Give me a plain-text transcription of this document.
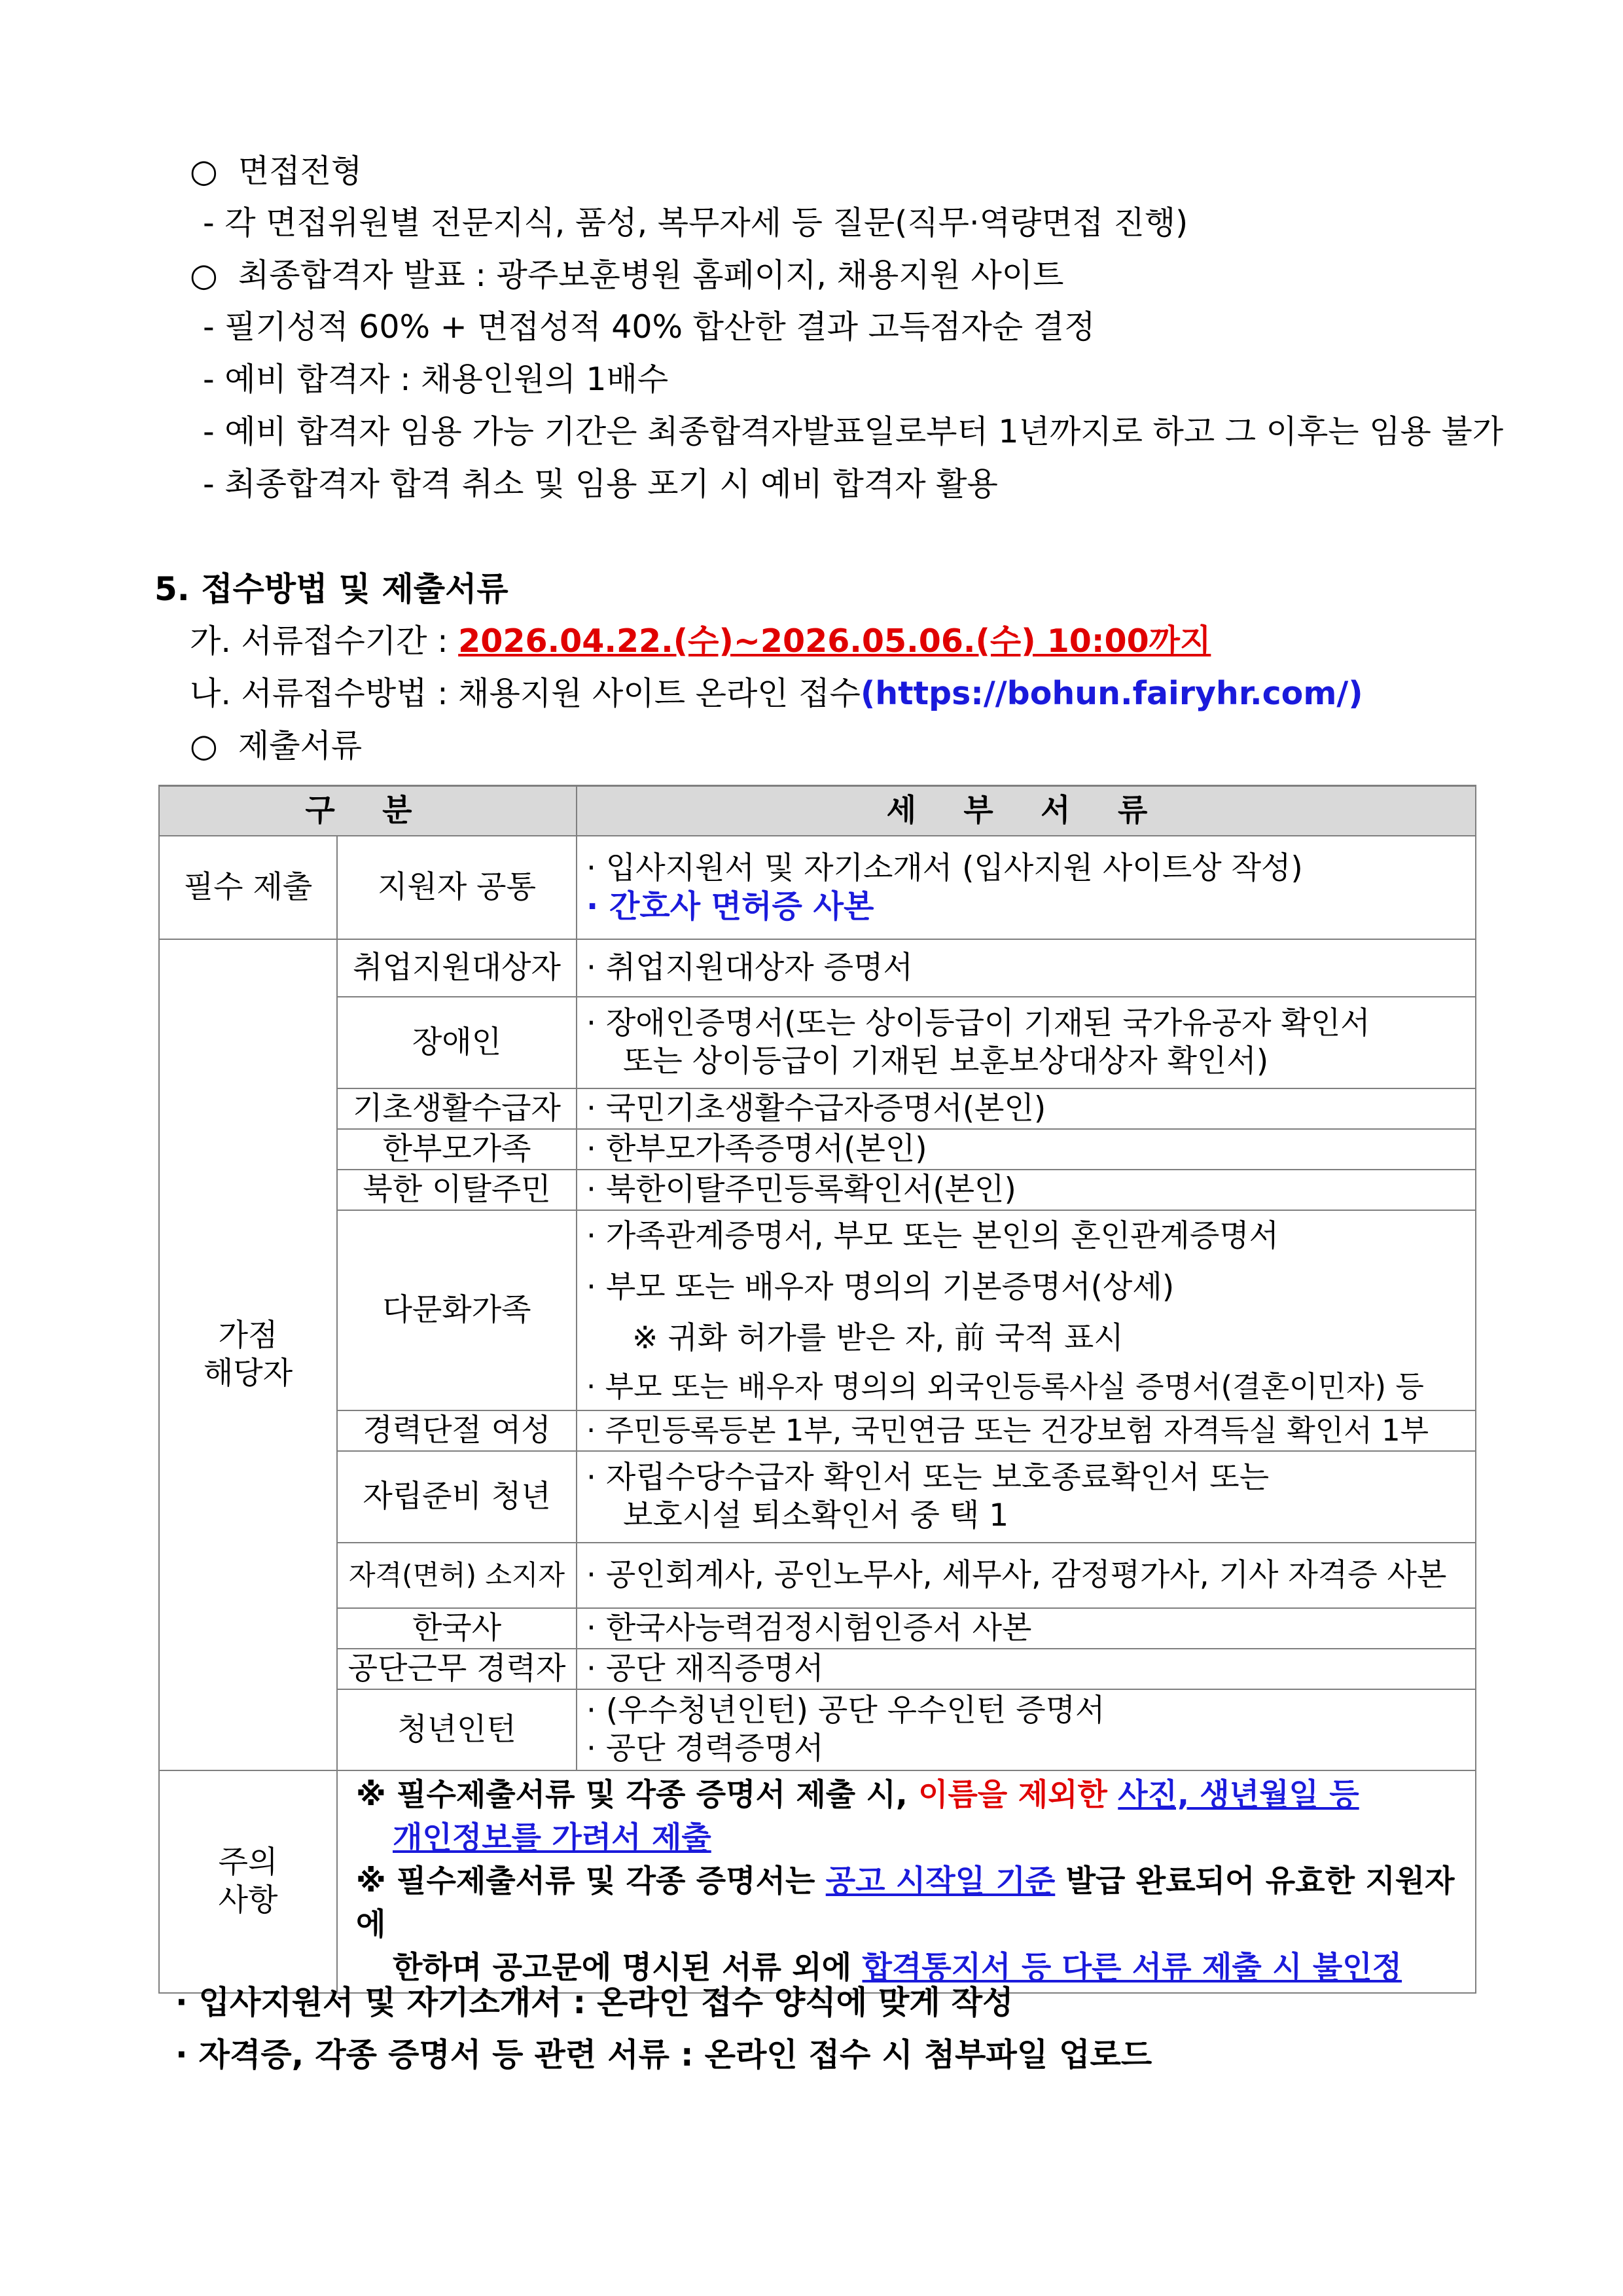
○  면접전형
- 각 면접위원별 전문지식, 품성, 복무자세 등 질문(직무·역량면접 진행)
○  최종합격자 발표 : 광주보훈병원 홈페이지, 채용지원 사이트
- 필기성적 60% + 면접성적 40% 합산한 결과 고득점자순 결정
- 예비 합격자 : 채용인원의 1배수
- 예비 합격자 임용 가능 기간은 최종합격자발표일로부터 1년까지로 하고 그 이후는 임용 불가
- 최종합격자 합격 취소 및 임용 포기 시 예비 합격자 활용
5. 접수방법 및 제출서류
가. 서류접수기간 : 2026.04.22.(수)~2026.05.06.(수) 10:00까지
나. 서류접수방법 : 채용지원 사이트 온라인 접수(https://bohun.fairyhr.com/)
○  제출서류
구 분		세 부 서 류
필수 제출	지원자 공통	· 입사지원서 및 자기소개서 (입사지원 사이트상 작성)
· 간호사 면허증 사본

가점 해당자	취업지원대상자	· 취업지원대상자 증명서
	장애인	· 장애인증명서(또는 상이등급이 기재된 국가유공자 확인서
또는 상이등급이 기재된 보훈보상대상자 확인서)

	기초생활수급자	· 국민기초생활수급자증명서(본인)
	한부모가족	· 한부모가족증명서(본인)
	북한 이탈주민	· 북한이탈주민등록확인서(본인)
	다문화가족	· 가족관계증명서, 부모 또는 본인의 혼인관계증명서
· 부모 또는 배우자 명의의 기본증명서(상세)
※ 귀화 허가를 받은 자, 前 국적 표시
· 부모 또는 배우자 명의의 외국인등록사실 증명서(결혼이민자) 등

	경력단절 여성	· 주민등록등본 1부, 국민연금 또는 건강보험 자격득실 확인서 1부
	자립준비 청년	· 자립수당수급자 확인서 또는 보호종료확인서 또는
보호시설 퇴소확인서 중 택 1

	자격(면허) 소지자	· 공인회계사, 공인노무사, 세무사, 감정평가사, 기사 자격증 사본
	한국사	· 한국사능력검정시험인증서 사본
	공단근무 경력자	· 공단 재직증명서
	청년인턴	· (우수청년인턴) 공단 우수인턴 증명서
· 공단 경력증명서

주의 사항	※ 필수제출서류 및 각종 증명서 제출 시, 이름을 제외한 사진, 생년월일 등
개인정보를 가려서 제출
※ 필수제출서류 및 각종 증명서는 공고 시작일 기준 발급 완료되어 유효한 지원자에
한하며 공고문에 명시된 서류 외에 합격통지서 등 다른 서류 제출 시 불인정	
· 입사지원서 및 자기소개서 : 온라인 접수 양식에 맞게 작성
· 자격증, 각종 증명서 등 관련 서류 : 온라인 접수 시 첨부파일 업로드
